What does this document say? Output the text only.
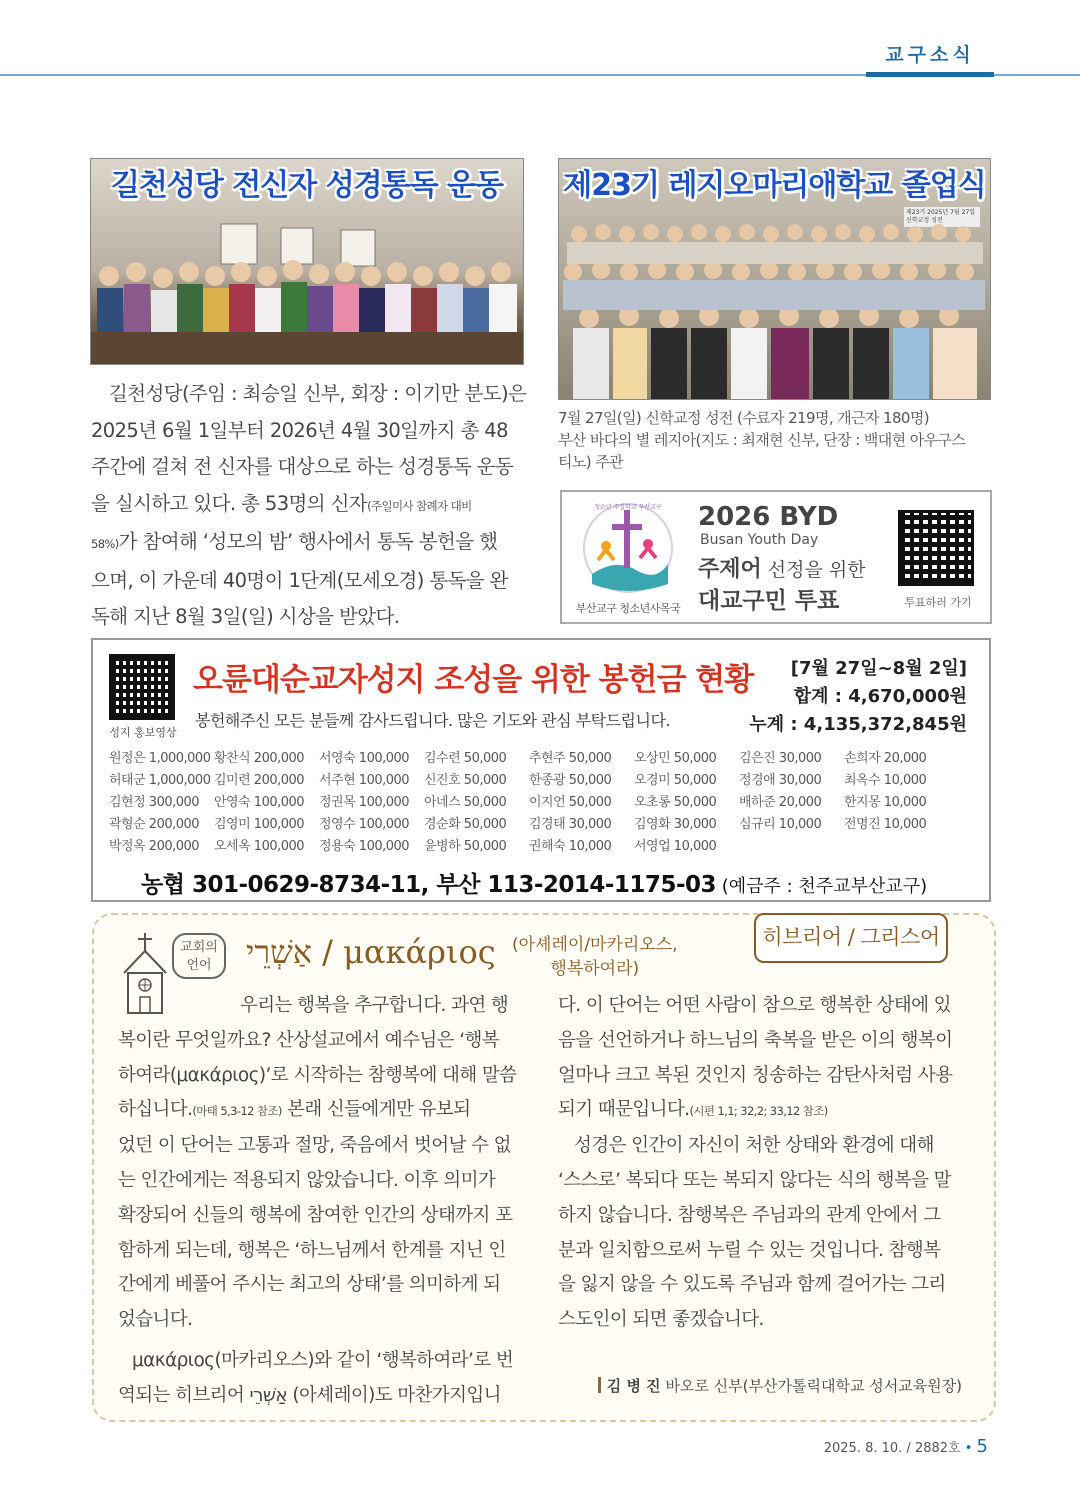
교구소식
길천성당 전신자 성경통독 운동
길천성당(주임 : 최승일 신부, 회장 : 이기만 분도)은
2025년 6월 1일부터 2026년 4월 30일까지 총 48
주간에 걸쳐 전 신자를 대상으로 하는 성경통독 운동
을 실시하고 있다. 총 53명의 신자(주일미사 참례자 대비
58%)가 참여해 ‘성모의 밤’ 행사에서 통독 봉헌을 했
으며, 이 가운데 40명이 1단계(모세오경) 통독을 완
독해 지난 8월 3일(일) 시상을 받았다.
제23기 레지오마리애학교 졸업식
제23기 2025년 7월 27일 신학교정 성전
7월 27일(일) 신학교정 성전 (수료자 219명, 개근자 180명)
부산 바다의 별 레지아(지도 : 최재현 신부, 단장 : 백대현 아우구스
티노) 주관
청소년 주일학교 부산교구
부산교구 청소년사목국
2026 BYD
Busan Youth Day
주제어 선정을 위한
대교구민 투표	투표하러 가기
성지 홍보영상
오륜대순교자성지 조성을 위한 봉헌금 현황
봉헌해주신 모든 분들께 감사드립니다. 많은 기도와 관심 부탁드립니다.
[7월 27일~8월 2일]
합계 : 4,670,000원
누계 : 4,135,372,845원
원정은 1,000,000 황찬식 200,000	서영숙 100,000	김수련 50,000	추현주 50,000	오상민 50,000	김은진 30,000	손희자 20,000
허태군 1,000,000 김미련 200,000	서주현 100,000	신진호 50,000	한종광 50,000	오경미 50,000	정경애 30,000	최옥수 10,000
김현정 300,000	안영숙 100,000	정권목 100,000	아네스 50,000	이지언 50,000	오초롱 50,000	배하준 20,000	한지몽 10,000
곽형순 200,000	김영미 100,000	정영수 100,000	경순화 50,000	김경태 30,000	김영화 30,000	심규리 10,000	전명진 10,000
박정옥 200,000	오세옥 100,000	정용숙 100,000	윤병하 50,000	권해숙 10,000	서영업 10,000
농협 301-0629-8734-11, 부산 113-2014-1175-03 (예금주 : 천주교부산교구)
교회의 언어	אַשְׁרֵי / μακάριος (아셰레이/마카리오스,
행복하여라)
히브리어 / 그리스어
우리는 행복을 추구합니다. 과연 행
복이란 무엇일까요? 산상설교에서 예수님은 ‘행복
하여라(μακάριος)’로 시작하는 참행복에 대해 말씀
하십니다.(마태 5,3-12 참조) 본래 신들에게만 유보되
었던 이 단어는 고통과 절망, 죽음에서 벗어날 수 없
는 인간에게는 적용되지 않았습니다. 이후 의미가
확장되어 신들의 행복에 참여한 인간의 상태까지 포
함하게 되는데, 행복은 ‘하느님께서 한계를 지닌 인
간에게 베풀어 주시는 최고의 상태’를 의미하게 되
었습니다.
μακάριος(마카리오스)와 같이 ‘행복하여라’로 번
역되는 히브리어 אַשְׁרֵי (아셰레이)도 마찬가지입니
다. 이 단어는 어떤 사람이 참으로 행복한 상태에 있
음을 선언하거나 하느님의 축복을 받은 이의 행복이
얼마나 크고 복된 것인지 칭송하는 감탄사처럼 사용
되기 때문입니다.(시편 1,1; 32,2; 33,12 참조)
성경은 인간이 자신이 처한 상태와 환경에 대해
‘스스로’ 복되다 또는 복되지 않다는 식의 행복을 말
하지 않습니다. 참행복은 주님과의 관계 안에서 그
분과 일치함으로써 누릴 수 있는 것입니다. 참행복
을 잃지 않을 수 있도록 주님과 함께 걸어가는 그리
스도인이 되면 좋겠습니다.
김 병 진 바오로 신부(부산가톨릭대학교 성서교육원장)
2025. 8. 10. / 2882호 • 5
